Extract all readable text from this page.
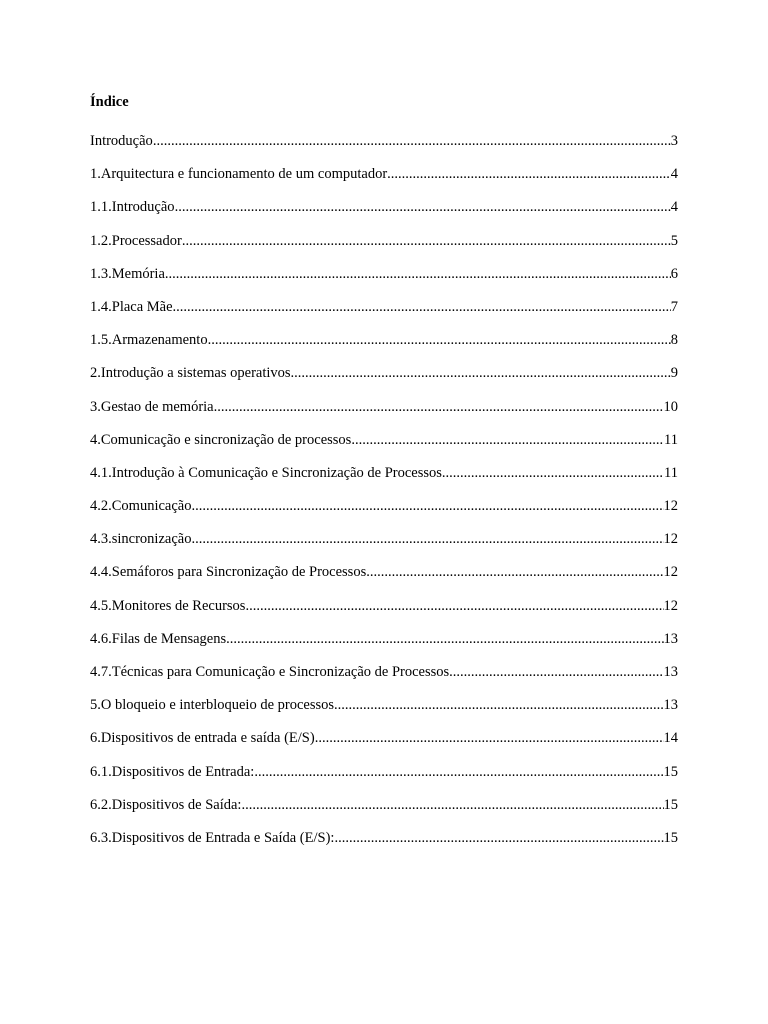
Índice
Introdução .....	3
1.Arquitectura e funcionamento de um computador .....	4
1.1.Introdução .....	4
1.2.Processador .....	5
1.3.Memória .....	6
1.4.Placa Mãe .....	7
1.5.Armazenamento .....	8
2.Introdução a sistemas operativos .....	9
3.Gestao de memória .....	10
4.Comunicação e sincronização de processos .....	11
4.1.Introdução à Comunicação e Sincronização de Processos .....	11
4.2.Comunicação .....	12
4.3.sincronização .....	12
4.4.Semáforos para Sincronização de Processos .....	12
4.5.Monitores de Recursos .....	12
4.6.Filas de Mensagens .....	13
4.7.Técnicas para Comunicação e Sincronização de Processos .....	13
5.O bloqueio e interbloqueio de processos .....	13
6.Dispositivos de entrada e saída (E/S) .....	14
6.1.Dispositivos de Entrada: .....	15
6.2.Dispositivos de Saída: .....	15
6.3.Dispositivos de Entrada e Saída (E/S): .....	15
